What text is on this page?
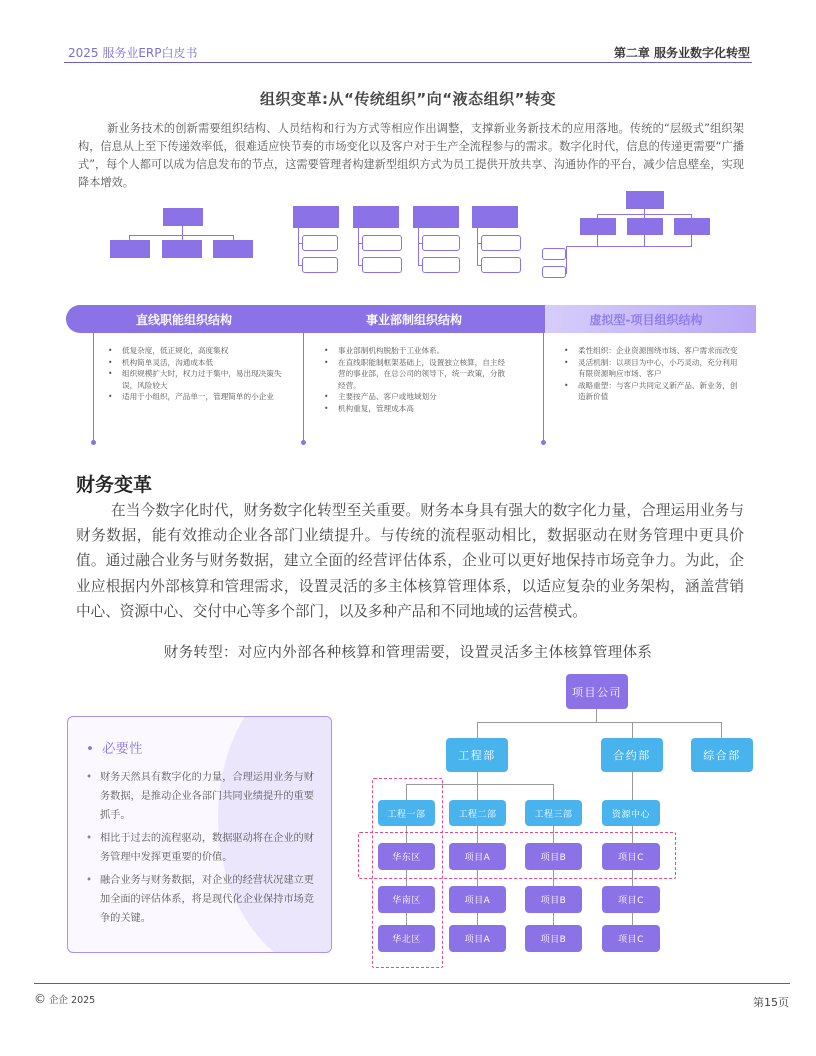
2025 服务业ERP白皮书	第二章 服务业数字化转型
组织变革:从“传统组织”向“液态组织”转变
新业务技术的创新需要组织结构、人员结构和行为方式等相应作出调整，支撑新业务新技术的应用落地。传统的“层级式”组织架构，信息从上至下传递效率低，很难适应快节奏的市场变化以及客户对于生产全流程参与的需求。数字化时代，信息的传递更需要“广播式”，每个人都可以成为信息发布的节点，这需要管理者构建新型组织方式为员工提供开放共享、沟通协作的平台，减少信息壁垒，实现降本增效。
直线职能组织结构	事业部制组织结构	虚拟型-项目组织结构
• 低复杂度，低正规化，高度集权
• 机构简单灵活，沟通成本低
• 组织规模扩大时，权力过于集中，易出现决策失误，风险较大
• 适用于小组织，产品单一，管理简单的小企业
• 事业部制机构脱胎于工业体系。
• 在直线职能制框架基础上，设置独立核算，自主经营的事业部，在总公司的领导下，统一政策，分散经营。
• 主要按产品、客户或地域划分
• 机构重复，管理成本高
• 柔性组织：企业资源围绕市场、客户需求而改变
• 灵活机制：以项目为中心，小巧灵动，充分利用有限资源响应市场、客户
• 战略重塑：与客户共同定义新产品、新业务，创造新价值
财务变革
在当今数字化时代，财务数字化转型至关重要。财务本身具有强大的数字化力量，合理运用业务与财务数据，能有效推动企业各部门业绩提升。与传统的流程驱动相比，数据驱动在财务管理中更具价值。通过融合业务与财务数据，建立全面的经营评估体系，企业可以更好地保持市场竞争力。为此，企业应根据内外部核算和管理需求，设置灵活的多主体核算管理体系，以适应复杂的业务架构，涵盖营销中心、资源中心、交付中心等多个部门，以及多种产品和不同地域的运营模式。
财务转型：对应内外部各种核算和管理需要，设置灵活多主体核算管理体系
• 必要性
• 财务天然具有数字化的力量，合理运用业务与财务数据，是推动企业各部门共同业绩提升的重要抓手。
• 相比于过去的流程驱动，数据驱动将在企业的财务管理中发挥更重要的价值。
• 融合业务与财务数据，对企业的经营状况建立更加全面的评估体系，将是现代化企业保持市场竞争的关键。
项目公司
工程部	合约部	综合部
工程一部	工程二部	工程三部	资源中心
华东区
华南区
华北区
项目A
项目A
项目A
项目B
项目B
项目B
项目C
项目C
项目C
© 企企 2025	第15页
